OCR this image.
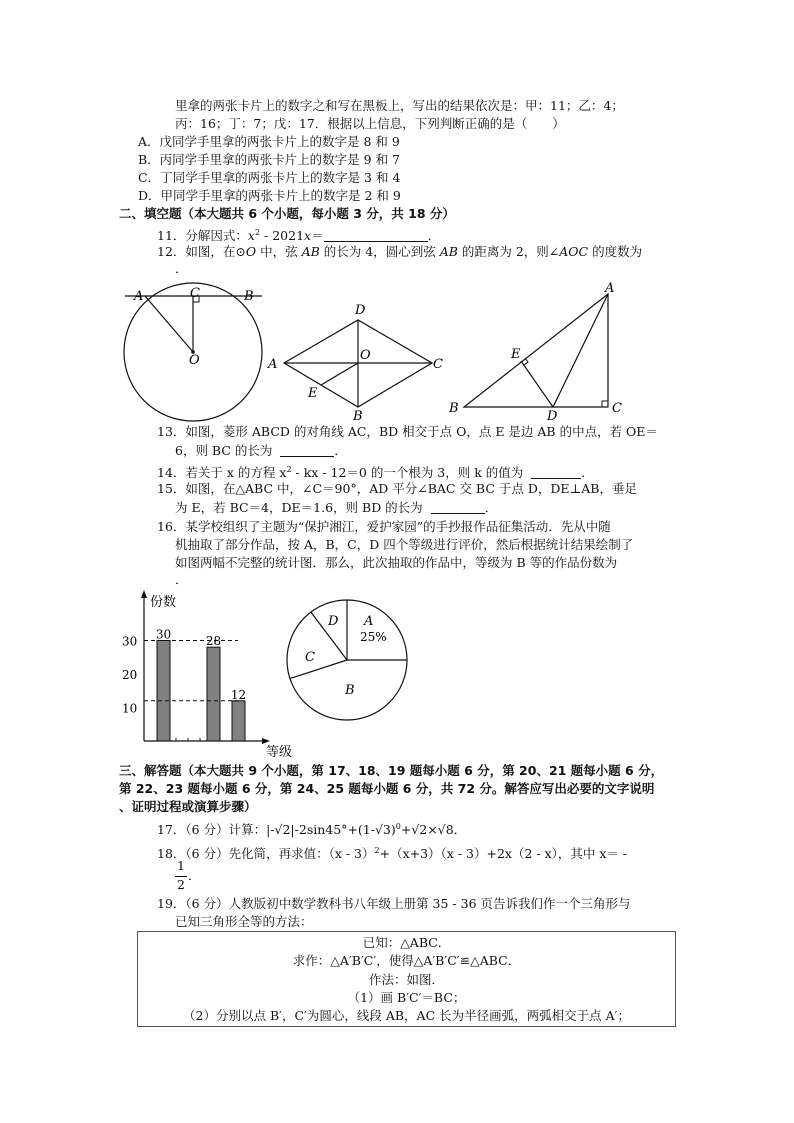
里拿的两张卡片上的数字之和写在黑板上，写出的结果依次是：甲：11；乙：4；
丙：16；丁：7；戊：17．根据以上信息，下列判断正确的是（　　）
A．戊同学手里拿的两张卡片上的数字是 8 和 9
B．丙同学手里拿的两张卡片上的数字是 9 和 7
C．丁同学手里拿的两张卡片上的数字是 3 和 4
D．甲同学手里拿的两张卡片上的数字是 2 和 9
二、填空题（本大题共 6 个小题，每小题 3 分，共 18 分）
11．分解因式：$x^2 - 2021x=$	．
12．如图，在⊙O 中，弦 AB 的长为 4，圆心到弦 AB 的距离为 2，则∠AOC 的度数为
．
A	B
C
O	A
D
C
B
O
E
A
B	C
D
E
13．如图，菱形 ABCD 的对角线 AC，BD 相交于点 O，点 E 是边 AB 的中点，若 OE＝
6，则 BC 的长为	．
14．若关于 x 的方程 $x^2$ - kx - 12＝0 的一个根为 3，则 k 的值为	．
15．如图，在△ABC 中，∠C＝90°，AD 平分∠BAC 交 BC 于点 D，DE⊥AB，垂足
为 E，若 BC＝4，DE＝1.6，则 BD 的长为	．
16．某学校组织了主题为“保护湘江，爱护家园”的手抄报作品征集活动．先从中随
机抽取了部分作品，按 A，B，C，D 四个等级进行评价，然后根据统计结果绘制了
如图两幅不完整的统计图．那么，此次抽取的作品中，等级为 B 等的作品份数为
．
份数
等级
10
20
30 30	28
12
A
25%
B
C
D
三、解答题（本大题共 9 个小题，第 17、18、19 题每小题 6 分，第 20、21 题每小题 6 分，
第 22、23 题每小题 6 分，第 24、25 题每小题 6 分，共 72 分。解答应写出必要的文字说明
、证明过程或演算步骤）
17．（6 分）计算：$|-√2|-2\sin 45^\circ+(1-√3)^0+√2\times√8$．
18．（6 分）先化简，再求值：（x - 3）$^2$+（x+3）（x - 3）+2x（2 - x），其中 x＝ -
1
2
．
19．（6 分）人教版初中数学教科书八年级上册第 35 - 36 页告诉我们作一个三角形与
已知三角形全等的方法：
已知：△ABC．
求作：△A′B′C′，使得△A′B′C′≌△ABC．
作法：如图．
（1）画 B′C′＝BC；
（2）分别以点 B′，C′为圆心，线段 AB，AC 长为半径画弧，两弧相交于点 A′；
